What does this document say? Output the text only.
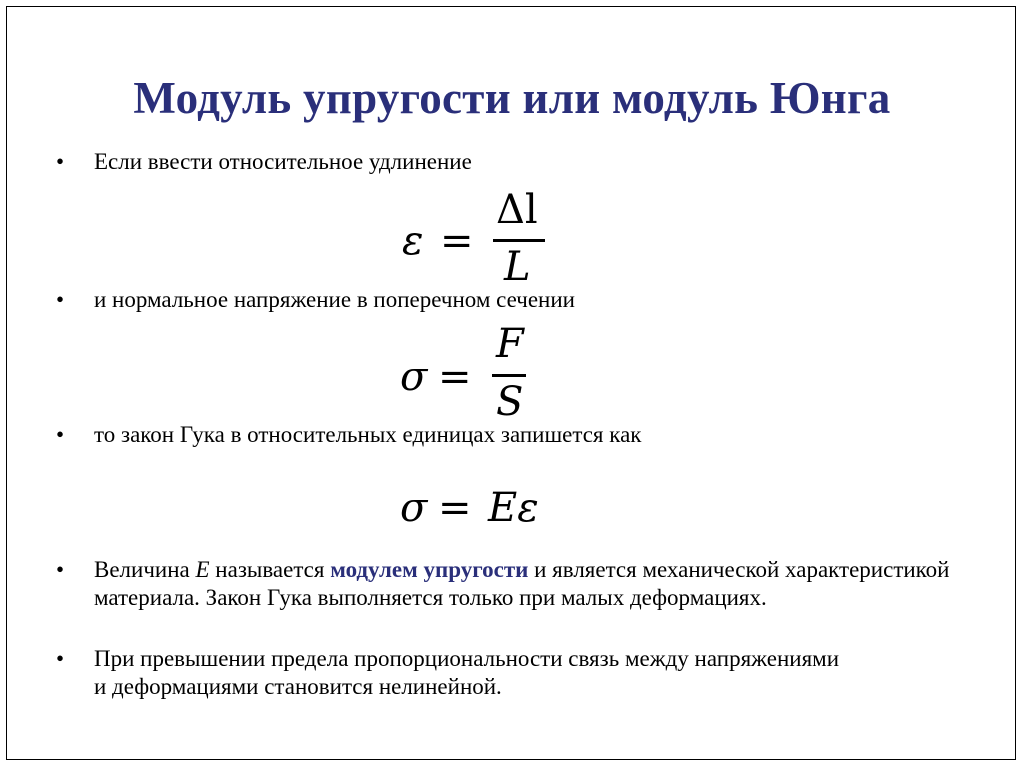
Модуль упругости или модуль Юнга
• Если ввести относительное удлинение
ε =
Δl
L
• и нормальное напряжение в поперечном сечении
σ =
F
S
• то закон Гука в относительных единицах запишется как
σ = Eε
• Величина E называется модулем упругости и является механической характеристикой материала. Закон Гука выполняется только при малых деформациях.
• При превышении предела пропорциональности связь между напряжениями и деформациями становится нелинейной.
